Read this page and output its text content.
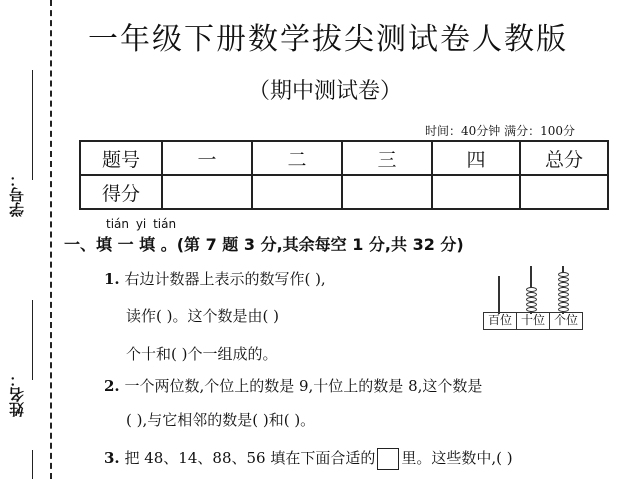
学号：
姓名：
一年级下册数学拔尖测试卷人教版
（期中测试卷）
时间：40分钟 满分：100分
题号	一	二	三	四	总分
得分					
tián yi tián
一、填 一 填 。(第 7 题 3 分,其余每空 1 分,共 32 分)
1. 右边计数器上表示的数写作( ),
读作( )。这个数是由( )
个十和( )个一组成的。
百位 十位 个位
2. 一个两位数,个位上的数是 9,十位上的数是 8,这个数是
( ),与它相邻的数是( )和( )。
3. 把 48、14、88、56 填在下面合适的 里。这些数中,( )
